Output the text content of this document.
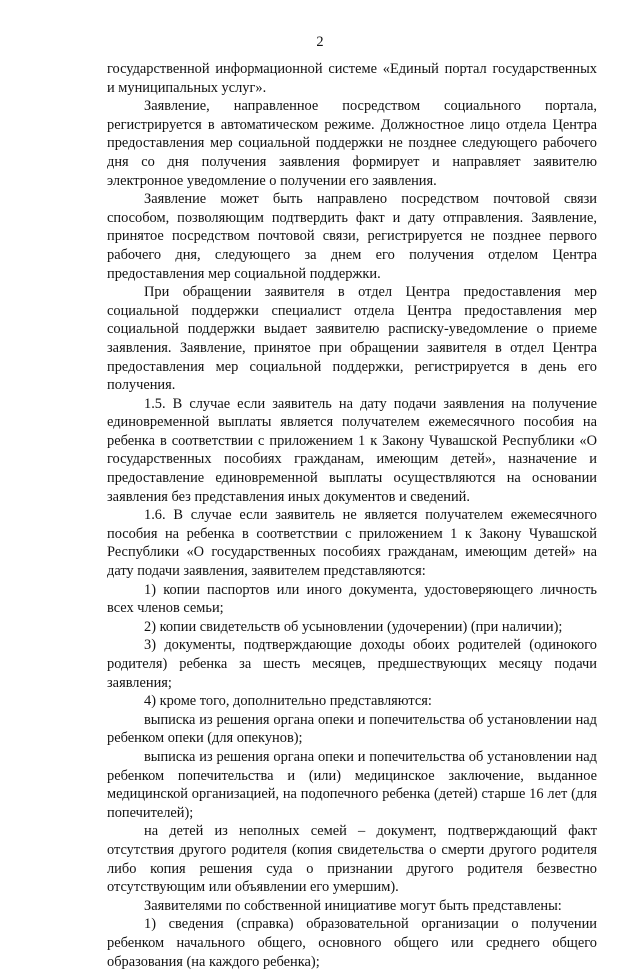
2

государственной информационной системе «Единый портал государственных и муниципальных услуг».

Заявление, направленное посредством социального портала, регистрируется в автоматическом режиме. Должностное лицо отдела Центра предоставления мер социальной поддержки не позднее следующего рабочего дня со дня получения заявления формирует и направляет заявителю электронное уведомление о получении его заявления.

Заявление может быть направлено посредством почтовой связи способом, позволяющим подтвердить факт и дату отправления. Заявление, принятое посредством почтовой связи, регистрируется не позднее первого рабочего дня, следующего за днем его получения отделом Центра предоставления мер социальной поддержки.

При обращении заявителя в отдел Центра предоставления мер социальной поддержки специалист отдела Центра предоставления мер социальной поддержки выдает заявителю расписку-уведомление о приеме заявления. Заявление, принятое при обращении заявителя в отдел Центра предоставления мер социальной поддержки, регистрируется в день его получения.

1.5. В случае если заявитель на дату подачи заявления на получение единовременной выплаты является получателем ежемесячного пособия на ребенка в соответствии с приложением 1 к Закону Чувашской Республики «О государственных пособиях гражданам, имеющим детей», назначение и предоставление единовременной выплаты осуществляются на основании заявления без представления иных документов и сведений.

1.6. В случае если заявитель не является получателем ежемесячного пособия на ребенка в соответствии с приложением 1 к Закону Чувашской Республики «О государственных пособиях гражданам, имеющим детей» на дату подачи заявления, заявителем представляются:

1) копии паспортов или иного документа, удостоверяющего личность всех членов семьи;

2) копии свидетельств об усыновлении (удочерении) (при наличии);

3) документы, подтверждающие доходы обоих родителей (одинокого родителя) ребенка за шесть месяцев, предшествующих месяцу подачи заявления;

4) кроме того, дополнительно представляются:

выписка из решения органа опеки и попечительства об установлении над ребенком опеки (для опекунов);

выписка из решения органа опеки и попечительства об установлении над ребенком попечительства и (или) медицинское заключение, выданное медицинской организацией, на подопечного ребенка (детей) старше 16 лет (для попечителей);

на детей из неполных семей – документ, подтверждающий факт отсутствия другого родителя (копия свидетельства о смерти другого родителя либо копия решения суда о признании другого родителя безвестно отсутствующим или объявлении его умершим).

Заявителями по собственной инициативе могут быть представлены:

1) сведения (справка) образовательной организации о получении ребенком начального общего, основного общего или среднего общего образования (на каждого ребенка);
